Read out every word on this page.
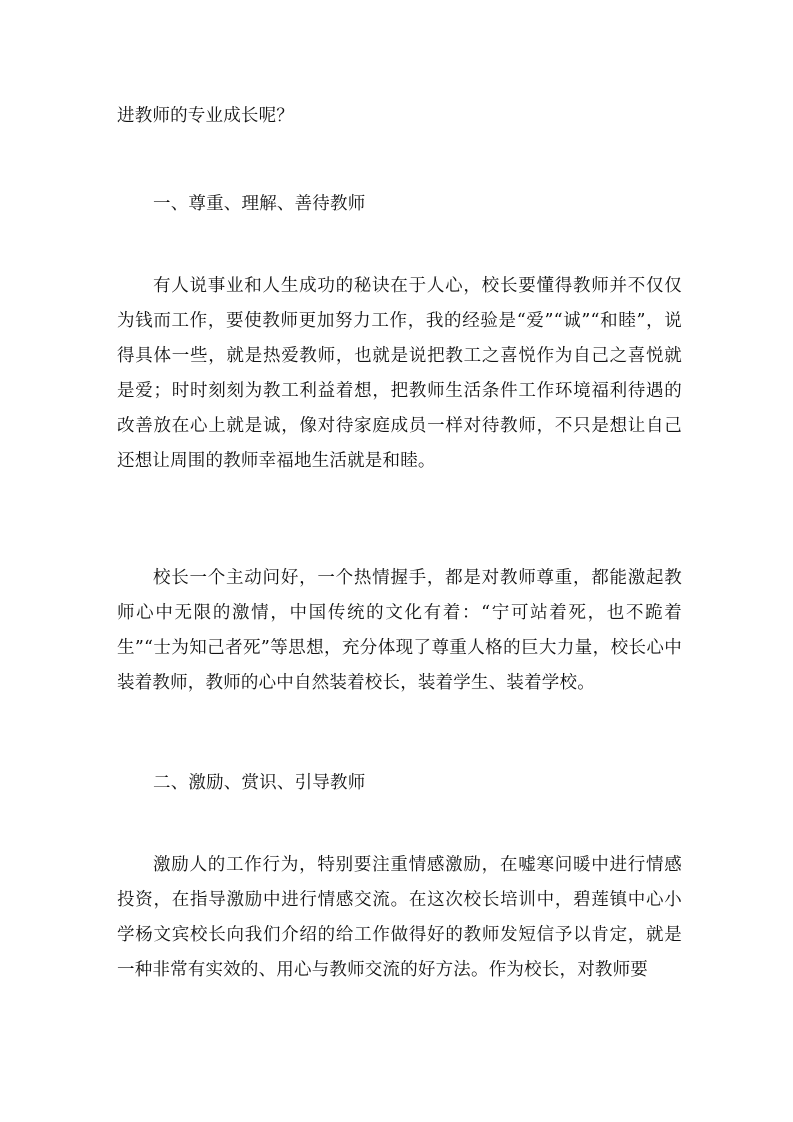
进教师的专业成长呢？

一、尊重、理解、善待教师

有人说事业和人生成功的秘诀在于人心，校长要懂得教师并不仅仅为钱而工作，要使教师更加努力工作，我的经验是“爱”“诚”“和睦”，说得具体一些，就是热爱教师，也就是说把教工之喜悦作为自己之喜悦就是爱；时时刻刻为教工利益着想，把教师生活条件工作环境福利待遇的改善放在心上就是诚，像对待家庭成员一样对待教师，不只是想让自己还想让周围的教师幸福地生活就是和睦。

校长一个主动问好，一个热情握手，都是对教师尊重，都能激起教师心中无限的激情，中国传统的文化有着：“宁可站着死，也不跪着生”“士为知己者死”等思想，充分体现了尊重人格的巨大力量，校长心中装着教师，教师的心中自然装着校长，装着学生、装着学校。

二、激励、赏识、引导教师

激励人的工作行为，特别要注重情感激励，在嘘寒问暖中进行情感投资，在指导激励中进行情感交流。在这次校长培训中，碧莲镇中心小学杨文宾校长向我们介绍的给工作做得好的教师发短信予以肯定，就是一种非常有实效的、用心与教师交流的好方法。作为校长，对教师要
